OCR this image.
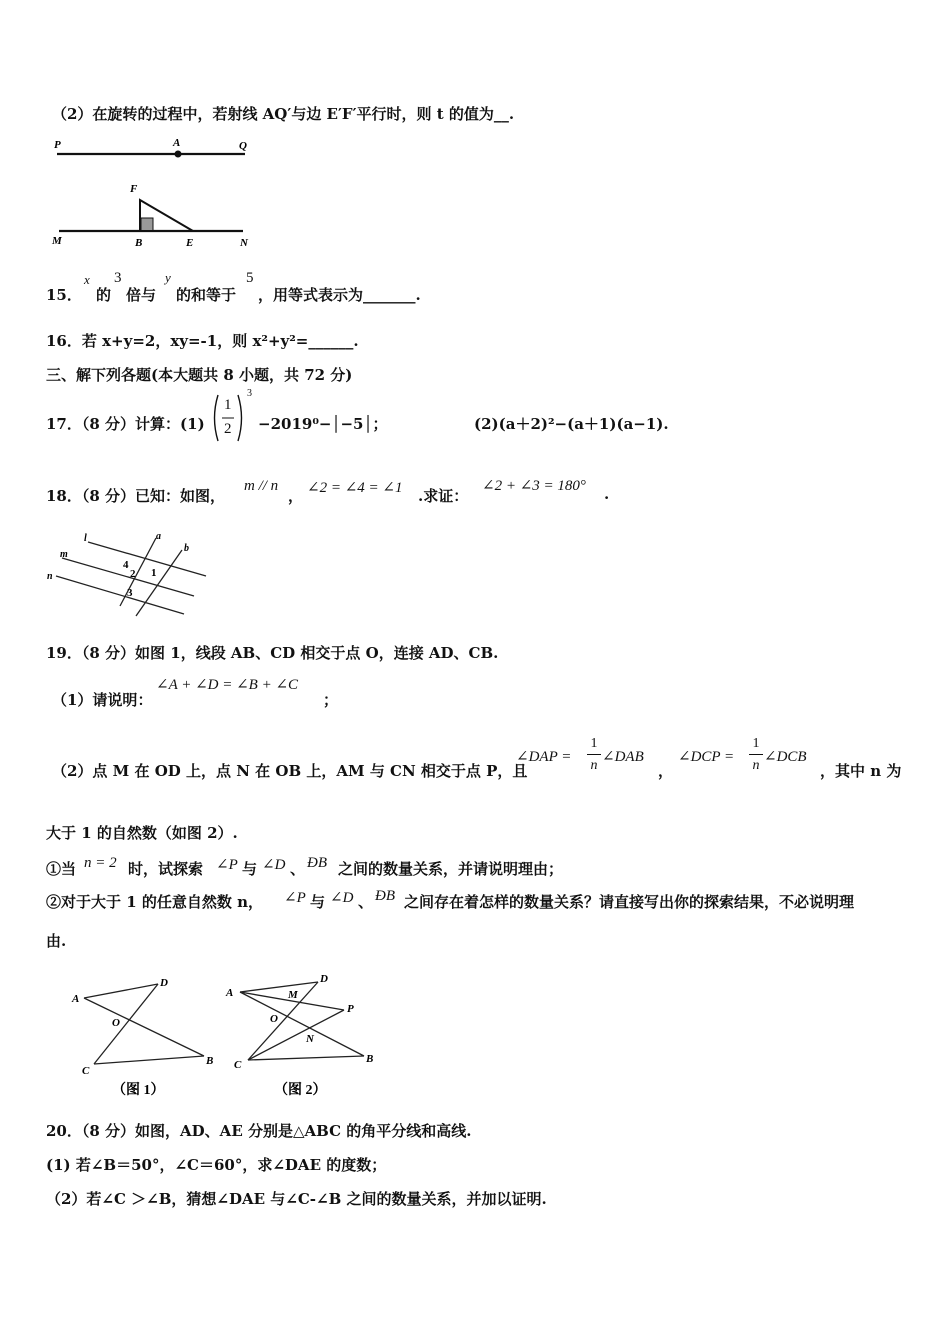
（2）在旋转的过程中，若射线 AQ′与边 E′F′平行时，则 t 的值为__.
P	A	Q
F
M	B	E	N
15．
x
的
3
倍与
y
的和等于
5
，用等式表示为_______.
16．若 x+y=2，xy=-1，则 x²+y²=______.
三、解下列各题(本大题共 8 小题，共 72 分)
17．（8 分）计算：(1)
1
2
3
−2019⁰−│−5│；	(2)(a＋2)²−(a＋1)(a−1).
18．（8 分）已知：如图，
m // n
， ∠2 = ∠4 = ∠1 .求证：
∠2 + ∠3 = 180° .
l	a
b
m
n
4
2 1
3
19．（8 分）如图 1，线段 AB、CD 相交于点 O，连接 AD、CB.
（1）请说明：
∠A + ∠D = ∠B + ∠C
；
（2）点 M 在 OD 上，点 N 在 OB 上，AM 与 CN 相交于点 P，且
∠DAP =
1
n
∠DAB
，
∠DCP =
1
n
∠DCB
，其中 n 为
大于 1 的自然数（如图 2）.
①当 n = 2 时，试探索 ∠P 与 ∠D 、 ÐB 之间的数量关系，并请说明理由；
②对于大于 1 的任意自然数 n， ∠P 与 ∠D 、 ÐB 之间存在着怎样的数量关系？请直接写出你的探索结果，不必说明理
由.
A
D
O
C
B
（图 1）
A
D
M
P
O
N
C	B
（图 2）
20．（8 分）如图，AD、AE 分别是△ABC 的角平分线和高线.
(1) 若∠B＝50°，∠C＝60°，求∠DAE 的度数；
（2）若∠C ＞∠B，猜想∠DAE 与∠C-∠B 之间的数量关系，并加以证明.
